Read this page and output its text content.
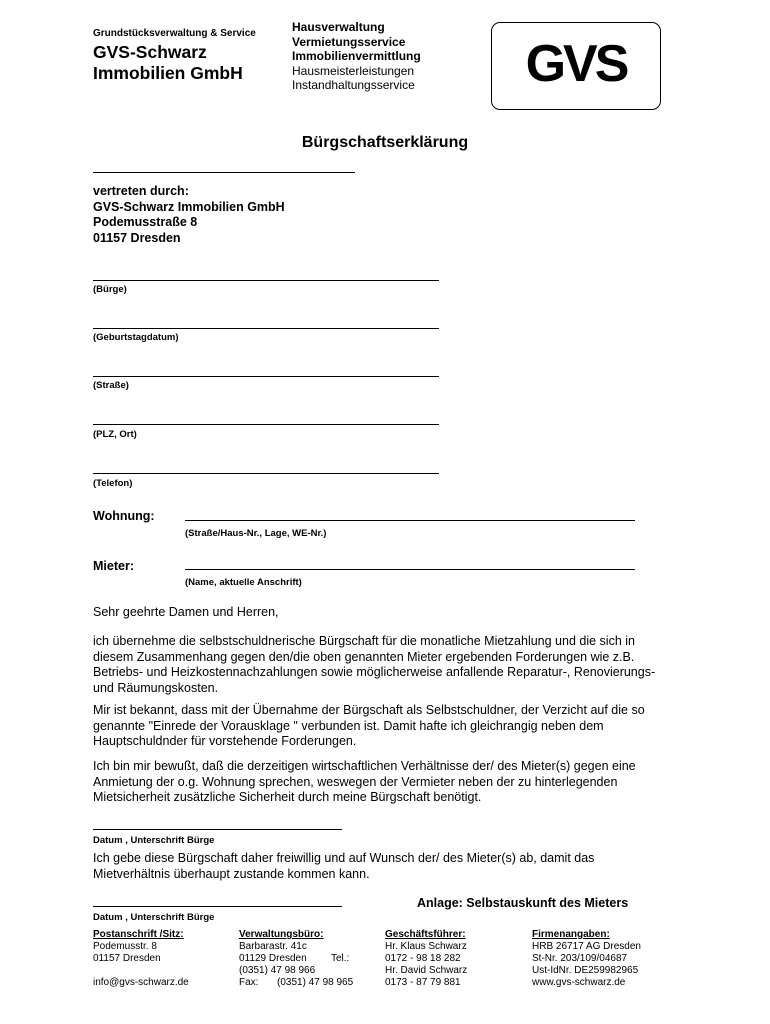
Grundstücksverwaltung & Service
GVS-Schwarz
Immobilien GmbH
Hausverwaltung
Vermietungsservice
Immobilienvermittlung
Hausmeisterleistungen
Instandhaltungsservice GVS
Bürgschaftserklärung
vertreten durch:
GVS-Schwarz Immobilien GmbH
Podemusstraße 8
01157 Dresden
(Bürge)
(Geburtstagdatum)
(Straße)
(PLZ, Ort)
(Telefon)
Wohnung:
(Straße/Haus-Nr., Lage, WE-Nr.)
Mieter:
(Name, aktuelle Anschrift)
Sehr geehrte Damen und Herren,
ich übernehme die selbstschuldnerische Bürgschaft für die monatliche Mietzahlung und die sich in diesem Zusammenhang gegen den/die oben genannten Mieter ergebenden Forderungen wie z.B. Betriebs- und Heizkostennachzahlungen sowie möglicherweise anfallende Reparatur-, Renovierungs-und Räumungskosten.
Mir ist bekannt, dass mit der Übernahme der Bürgschaft als Selbstschuldner, der Verzicht auf die so genannte "Einrede der Vorausklage " verbunden ist. Damit hafte ich gleichrangig neben dem Hauptschuldnder für vorstehende Forderungen.
Ich bin mir bewußt, daß die derzeitigen wirtschaftlichen Verhältnisse der/ des Mieter(s) gegen eine Anmietung der o.g. Wohnung sprechen, weswegen der Vermieter neben der zu hinterlegenden Mietsicherheit zusätzliche Sicherheit durch meine Bürgschaft benötigt.
Datum , Unterschrift Bürge
Ich gebe diese Bürgschaft daher freiwillig und auf Wunsch der/ des Mieter(s) ab, damit das Mietverhältnis überhaupt zustande kommen kann.
Anlage: Selbstauskunft des Mieters
Datum , Unterschrift Bürge
Postanschrift /Sitz:
Podemusstr. 8
01157 Dresden
info@gvs-schwarz.de
Verwaltungsbüro:
Barbarastr. 41c
01129 Dresden Tel.:
(0351) 47 98 966
Fax: (0351) 47 98 965
Geschäftsführer:
Hr. Klaus Schwarz
0172 - 98 18 282
Hr. David Schwarz
0173 - 87 79 881
Firmenangaben:
HRB 26717 AG Dresden
St-Nr. 203/109/04687
Ust-IdNr. DE259982965
www.gvs-schwarz.de
